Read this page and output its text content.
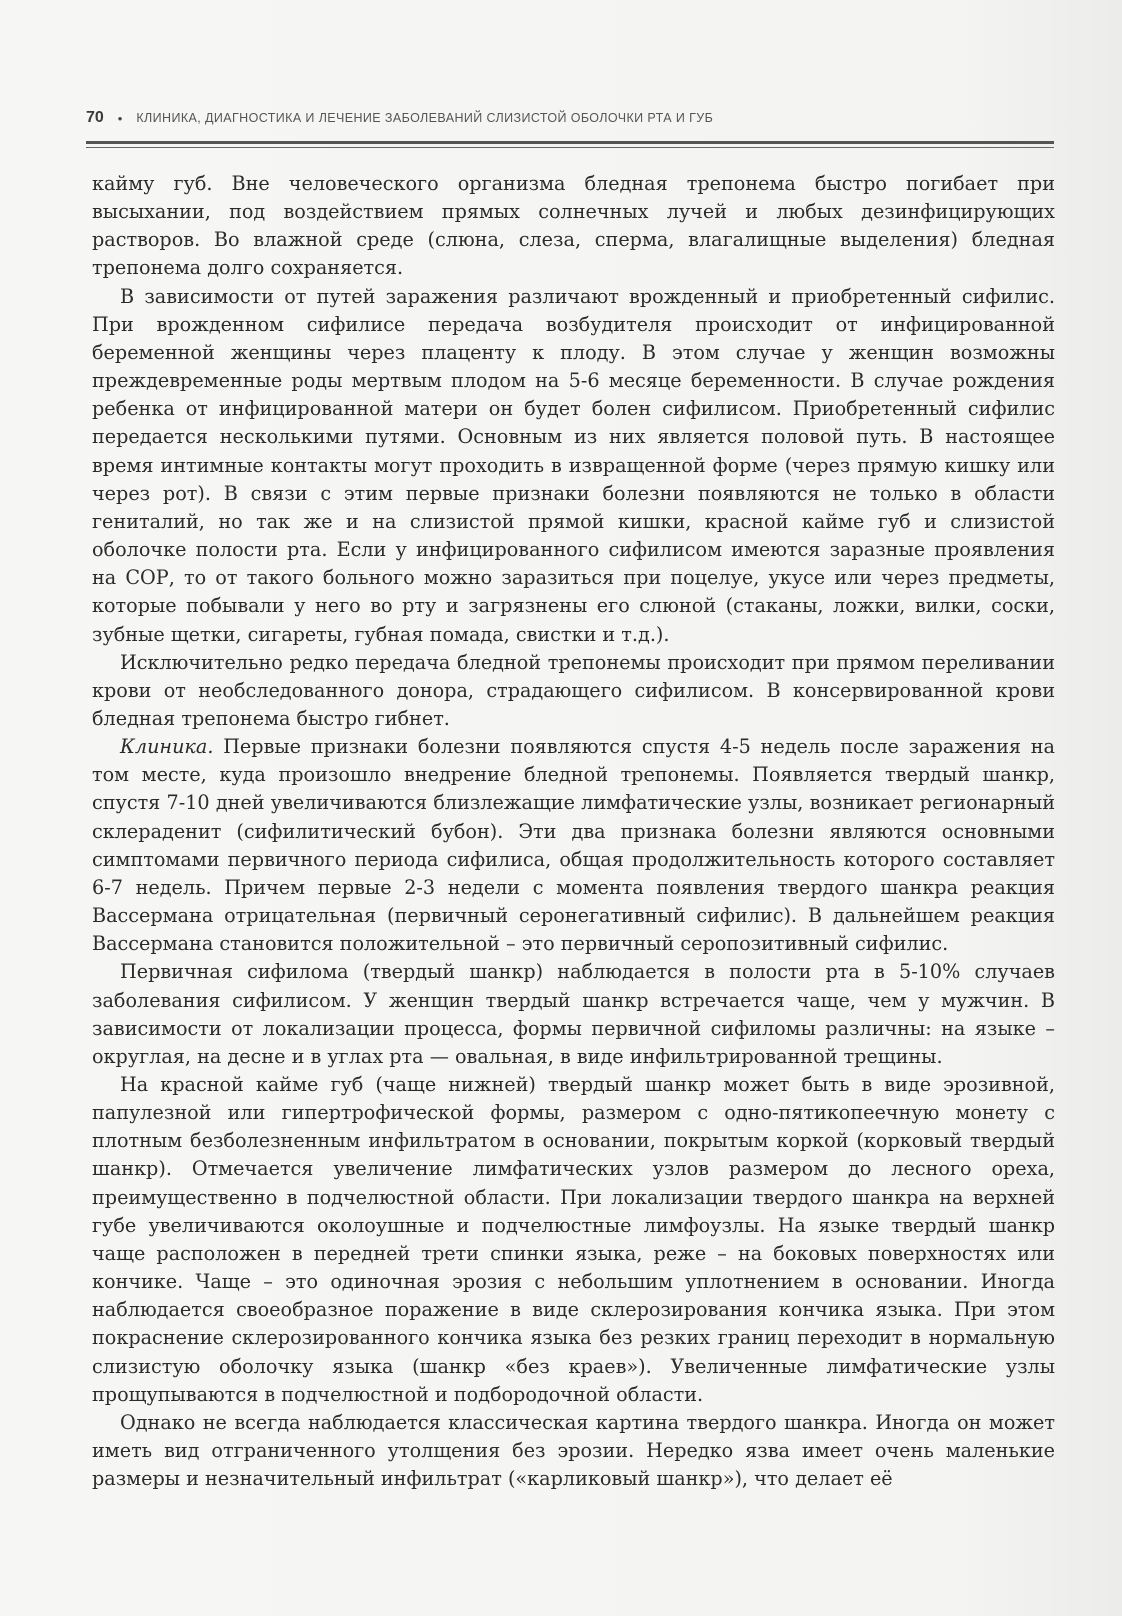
70 • КЛИНИКА, ДИАГНОСТИКА И ЛЕЧЕНИЕ ЗАБОЛЕВАНИЙ СЛИЗИСТОЙ ОБОЛОЧКИ РТА И ГУБ

кайму губ. Вне человеческого организма бледная трепонема быстро погибает при высыхании, под воздействием прямых солнечных лучей и любых дезинфицирующих растворов. Во влажной среде (слюна, слеза, сперма, влагалищные выделения) бледная трепонема долго сохраняется.

В зависимости от путей заражения различают врожденный и приобретенный сифилис. При врожденном сифилисе передача возбудителя происходит от инфицированной беременной женщины через плаценту к плоду. В этом случае у женщин возможны преждевременные роды мертвым плодом на 5-6 месяце беременности. В случае рождения ребенка от инфицированной матери он будет болен сифилисом. Приобретенный сифилис передается несколькими путями. Основным из них является половой путь. В настоящее время интимные контакты могут проходить в извращенной форме (через прямую кишку или через рот). В связи с этим первые признаки болезни появляются не только в области гениталий, но так же и на слизистой прямой кишки, красной кайме губ и слизистой оболочке полости рта. Если у инфицированного сифилисом имеются заразные проявления на СОР, то от такого больного можно заразиться при поцелуе, укусе или через предметы, которые побывали у него во рту и загрязнены его слюной (стаканы, ложки, вилки, соски, зубные щетки, сигареты, губная помада, свистки и т.д.).

Исключительно редко передача бледной трепонемы происходит при прямом переливании крови от необследованного донора, страдающего сифилисом. В консервированной крови бледная трепонема быстро гибнет.

Клиника. Первые признаки болезни появляются спустя 4-5 недель после заражения на том месте, куда произошло внедрение бледной трепонемы. Появляется твердый шанкр, спустя 7-10 дней увеличиваются близлежащие лимфатические узлы, возникает регионарный склераденит (сифилитический бубон). Эти два признака болезни являются основными симптомами первичного периода сифилиса, общая продолжительность которого составляет 6-7 недель. Причем первые 2-3 недели с момента появления твердого шанкра реакция Вассермана отрицательная (первичный серонегативный сифилис). В дальнейшем реакция Вассермана становится положительной – это первичный серопозитивный сифилис.

Первичная сифилома (твердый шанкр) наблюдается в полости рта в 5-10% случаев заболевания сифилисом. У женщин твердый шанкр встречается чаще, чем у мужчин. В зависимости от локализации процесса, формы первичной сифиломы различны: на языке – округлая, на десне и в углах рта — овальная, в виде инфильтрированной трещины.

На красной кайме губ (чаще нижней) твердый шанкр может быть в виде эрозивной, папулезной или гипертрофической формы, размером с одно-пятикопеечную монету с плотным безболезненным инфильтратом в основании, покрытым коркой (корковый твердый шанкр). Отмечается увеличение лимфатических узлов размером до лесного ореха, преимущественно в подчелюстной области. При локализации твердого шанкра на верхней губе увеличиваются околоушные и подчелюстные лимфоузлы. На языке твердый шанкр чаще расположен в передней трети спинки языка, реже – на боковых поверхностях или кончике. Чаще – это одиночная эрозия с небольшим уплотнением в основании. Иногда наблюдается своеобразное поражение в виде склерозирования кончика языка. При этом покраснение склерозированного кончика языка без резких границ переходит в нормальную слизистую оболочку языка (шанкр «без краев»). Увеличенные лимфатические узлы прощупываются в подчелюстной и подбородочной области.

Однако не всегда наблюдается классическая картина твердого шанкра. Иногда он может иметь вид отграниченного утолщения без эрозии. Нередко язва имеет очень маленькие размеры и незначительный инфильтрат («карликовый шанкр»), что делает её
